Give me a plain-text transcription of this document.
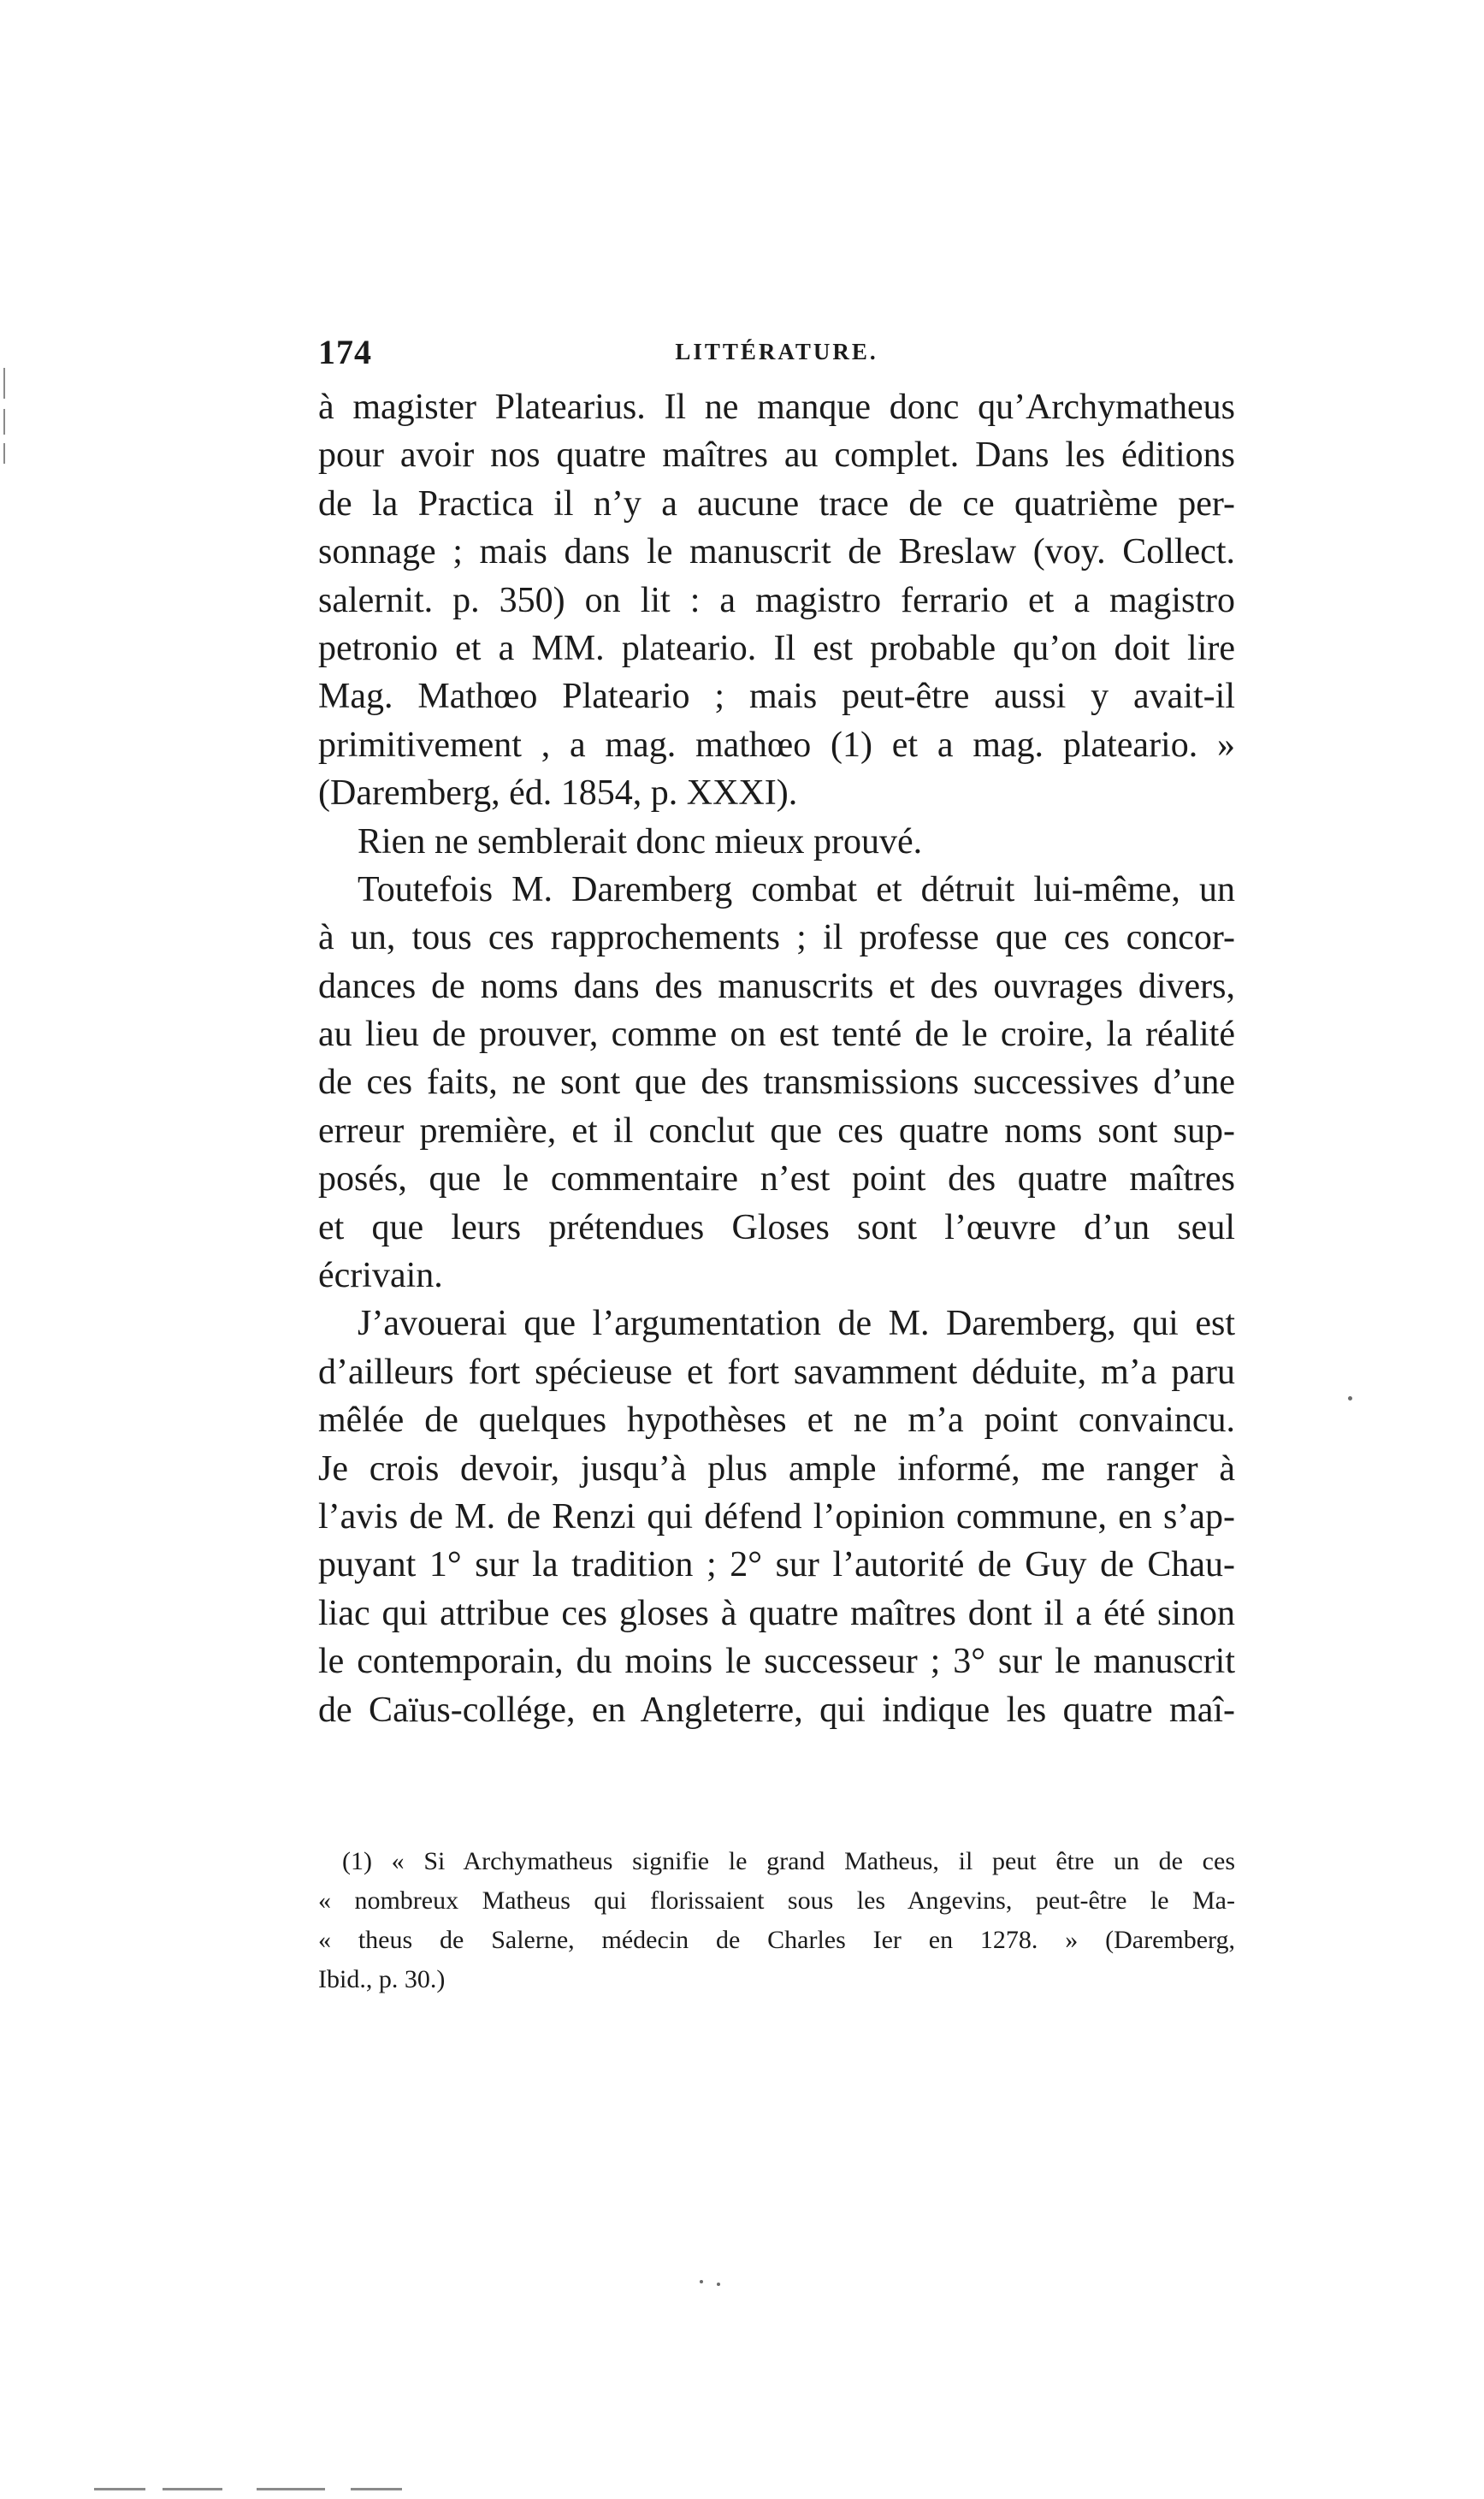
174	LITTÉRATURE.
à magister Platearius. Il ne manque donc qu’Archymatheus
pour avoir nos quatre maîtres au complet. Dans les éditions
de la Practica il n’y a aucune trace de ce quatrième per-
sonnage ; mais dans le manuscrit de Breslaw (voy. Collect.
salernit. p. 350) on lit : a magistro ferrario et a magistro
petronio et a MM. plateario. Il est probable qu’on doit lire
Mag. Mathœo Plateario ; mais peut-être aussi y avait-il
primitivement , a mag. mathœo (1) et a mag. plateario. »
(Daremberg, éd. 1854, p. XXXI).
Rien ne semblerait donc mieux prouvé.
Toutefois M. Daremberg combat et détruit lui-même, un
à un, tous ces rapprochements ; il professe que ces concor-
dances de noms dans des manuscrits et des ouvrages divers,
au lieu de prouver, comme on est tenté de le croire, la réalité
de ces faits, ne sont que des transmissions successives d’une
erreur première, et il conclut que ces quatre noms sont sup-
posés, que le commentaire n’est point des quatre maîtres
et que leurs prétendues Gloses sont l’œuvre d’un seul
écrivain.
J’avouerai que l’argumentation de M. Daremberg, qui est
d’ailleurs fort spécieuse et fort savamment déduite, m’a paru
mêlée de quelques hypothèses et ne m’a point convaincu.
Je crois devoir, jusqu’à plus ample informé, me ranger à
l’avis de M. de Renzi qui défend l’opinion commune, en s’ap-
puyant 1° sur la tradition ; 2° sur l’autorité de Guy de Chau-
liac qui attribue ces gloses à quatre maîtres dont il a été sinon
le contemporain, du moins le successeur ; 3° sur le manuscrit
de Caïus-collége, en Angleterre, qui indique les quatre maî-
(1) « Si Archymatheus signifie le grand Matheus, il peut être un de ces
« nombreux Matheus qui florissaient sous les Angevins, peut-être le Ma-
« theus de Salerne, médecin de Charles Ier en 1278. » (Daremberg,
Ibid., p. 30.)
